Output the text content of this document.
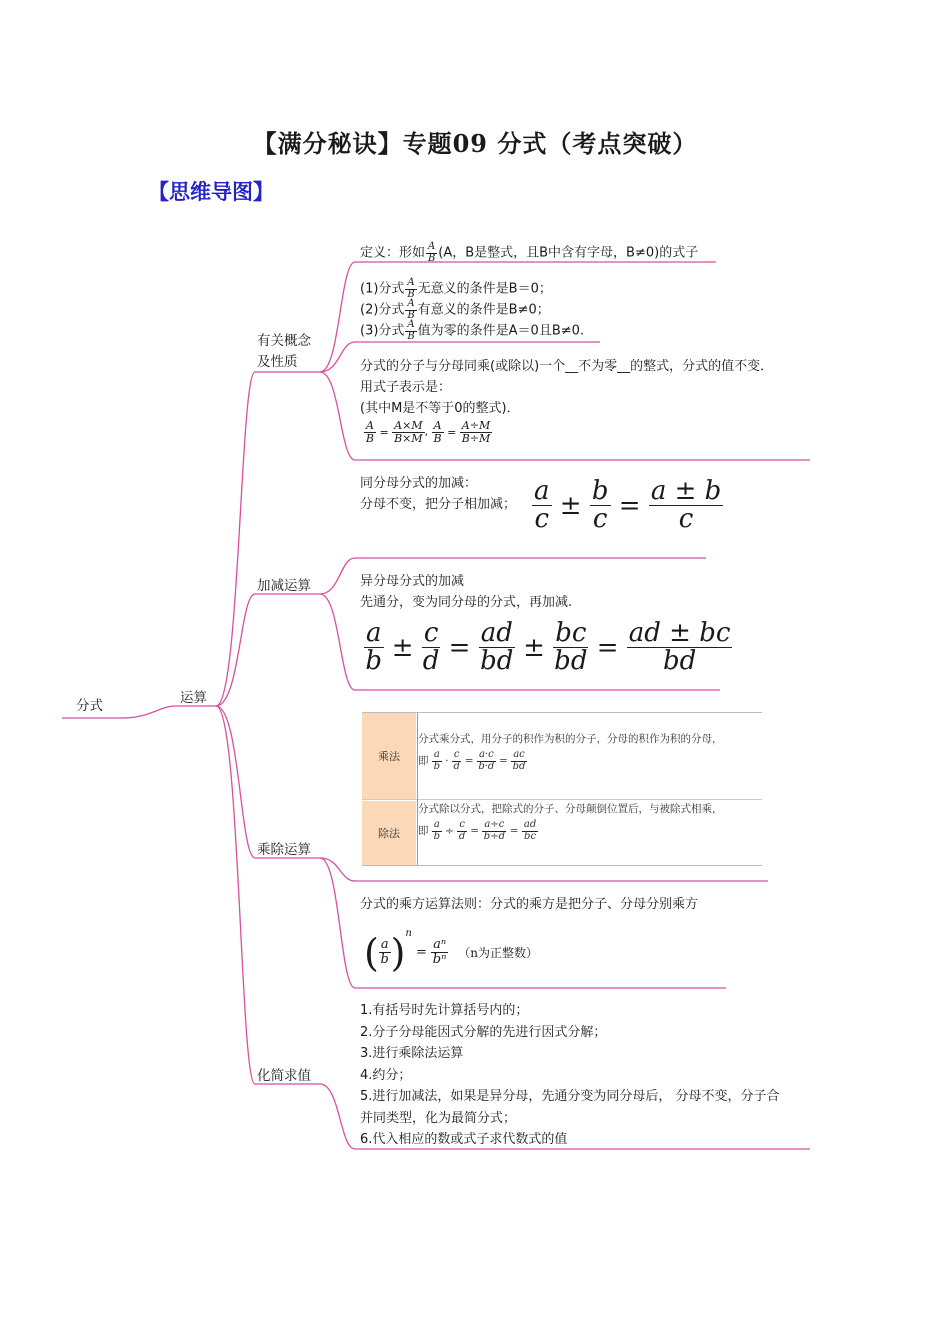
【满分秘诀】专题09 分式（考点突破）
【思维导图】
分式	运算
有关概念
及性质
加减运算
乘除运算
化简求值
定义：形如 $\frac{A}{B} (A$，B是整式，且B中含有字母，B≠0)的式子
(1)分式 $\frac{A}{B}$ 无意义的条件是B＝0；
(2)分式 $\frac{A}{B}$ 有意义的条件是B≠0；
(3)分式 $\frac{A}{B}$ 值为零的条件是A＝0且B≠0.
分式的分子与分母同乘(或除以)一个__不为零__的整式，分式的值不变．
用式子表示是：
(其中M是不等于0的整式)．
$\frac{A}{B} = \frac{A\times M}{B\times M}$ , $\frac{A}{B} = \frac{A\div M}{B\div M}$
同分母分式的加减：
分母不变，把分子相加减； $\frac{a}{c} \pm \frac{b}{c} = \frac{a \pm b}{c}$
异分母分式的加减
先通分，变为同分母的分式，再加减.
$\frac{a}{b} \pm \frac{c}{d} = \frac{ad}{bd} \pm \frac{bc}{bd} = \frac{ad \pm bc}{bd}$
乘法
分式乘分式，用分子的积作为积的分子，分母的积作为积的分母，
即 $\frac{a}{b} \cdot \frac{c}{d} = \frac{a\cdot c}{b\cdot d} = \frac{ac}{bd}$
除法
分式除以分式，把除式的分子、分母颠倒位置后，与被除式相乘，
即 $\frac{a}{b} \div \frac{c}{d} = \frac{a\div c}{b\div d} = \frac{ad}{bc}$
分式的乘方运算法则：分式的乘方是把分子、分母分别乘方
( $\frac{a}{b} )^n = \frac{\text{aⁿ}}{\text{bⁿ}} (n$为正整数）
1.有括号时先计算括号内的；
2.分子分母能因式分解的先进行因式分解；
3.进行乘除法运算
4.约分；
5.进行加减法，如果是异分母，先通分变为同分母后， 分母不变，分子合
并同类型，化为最简分式；
6.代入相应的数或式子求代数式的值
